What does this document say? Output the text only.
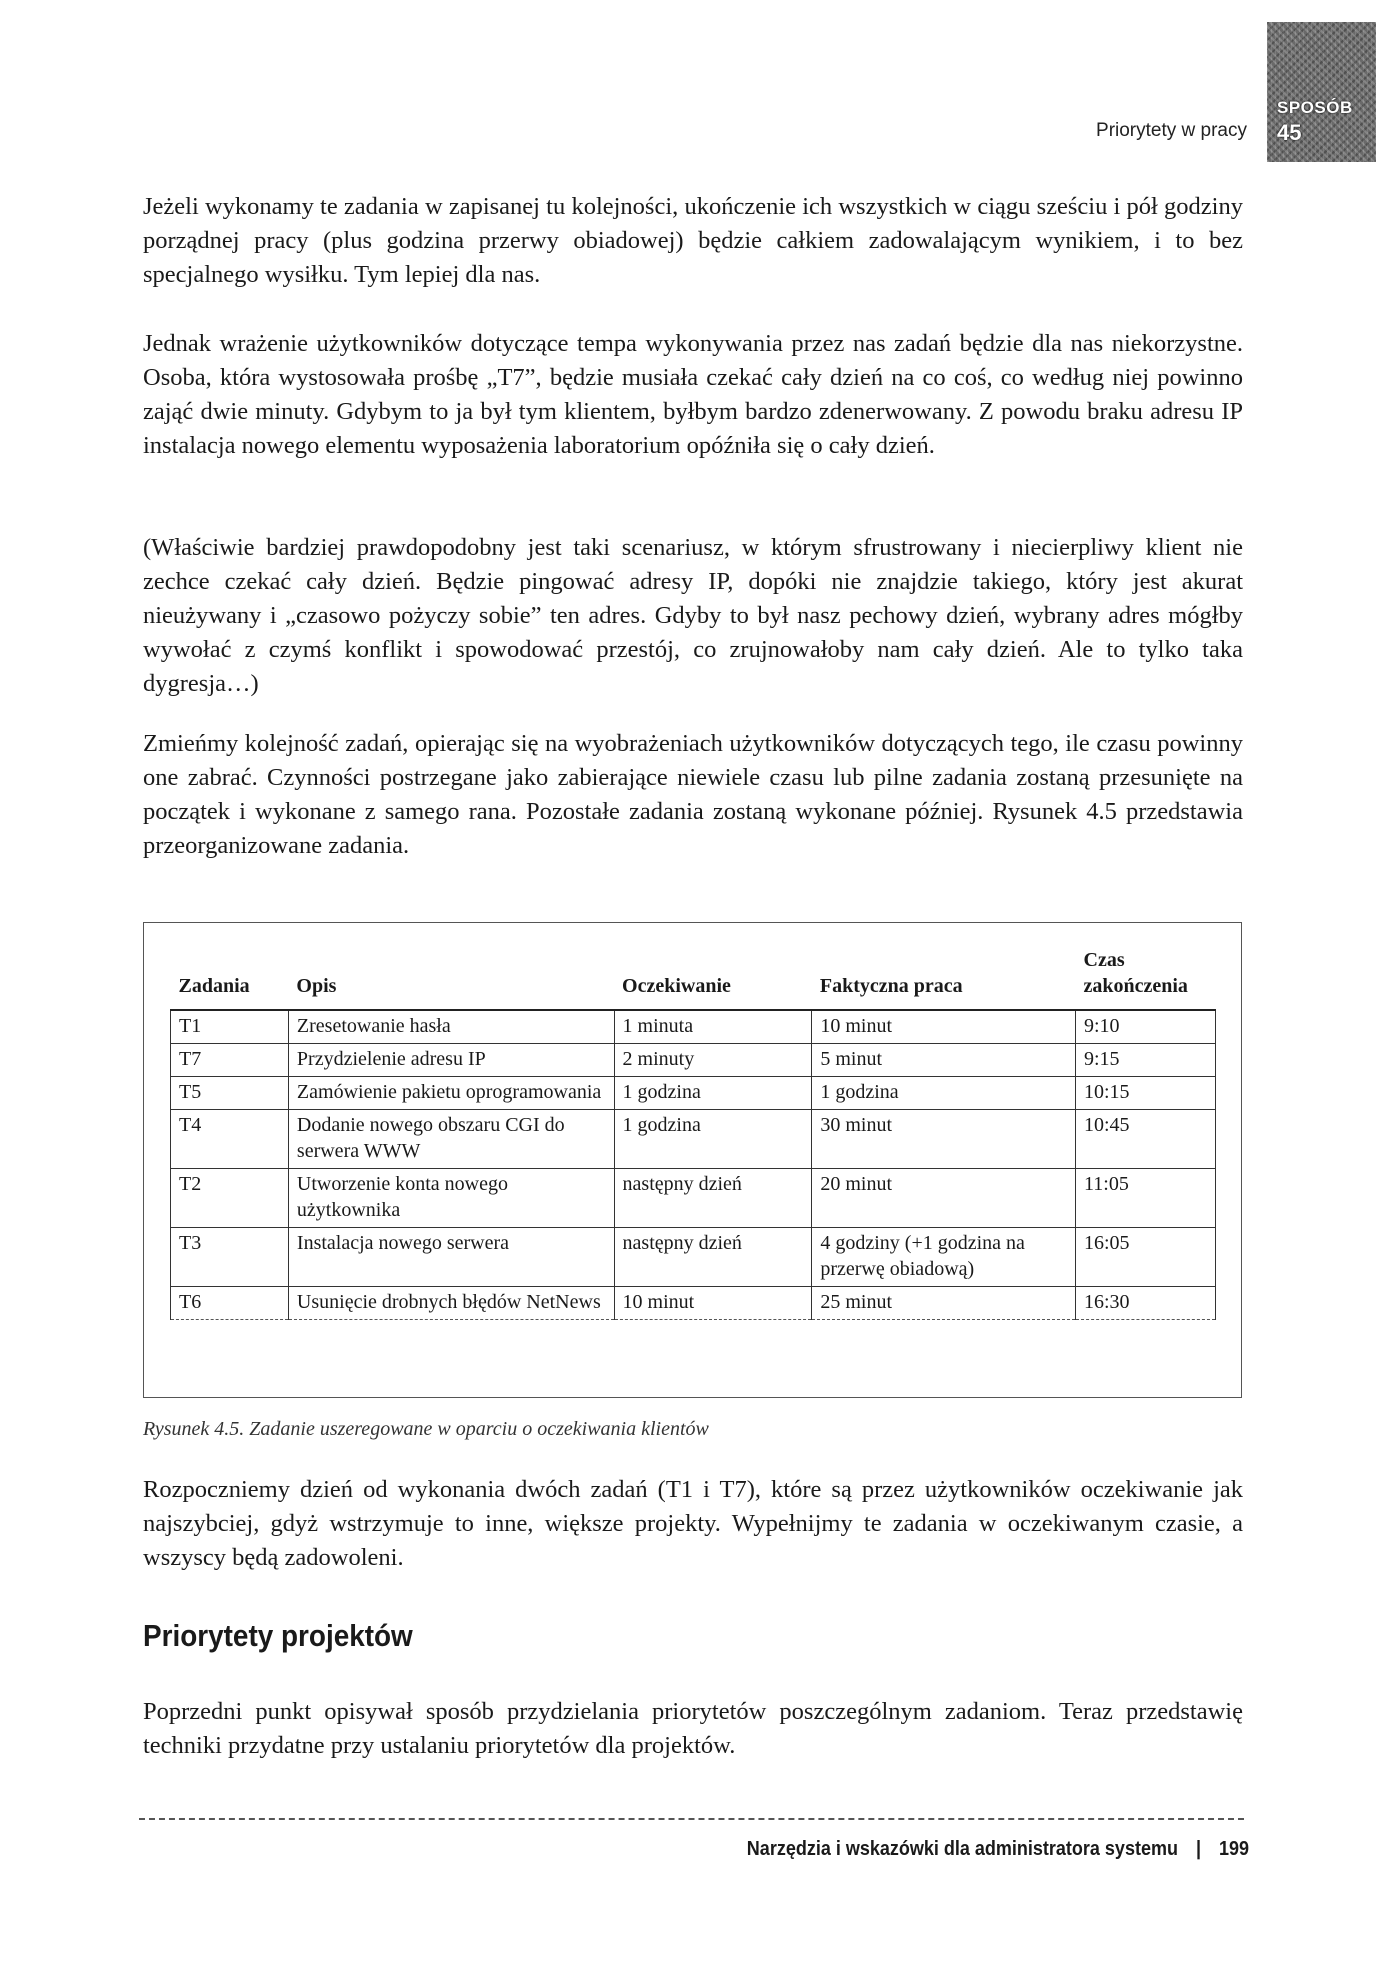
Priorytety w pracy
SPOSÓB
45

Jeżeli wykonamy te zadania w zapisanej tu kolejności, ukończenie ich wszystkich w ciągu sześciu i pół godziny porządnej pracy (plus godzina przerwy obiadowej) będzie całkiem zadowalającym wynikiem, i to bez specjalnego wysiłku. Tym lepiej dla nas.

Jednak wrażenie użytkowników dotyczące tempa wykonywania przez nas zadań będzie dla nas niekorzystne. Osoba, która wystosowała prośbę „T7”, będzie musiała czekać cały dzień na co coś, co według niej powinno zająć dwie minuty. Gdybym to ja był tym klientem, byłbym bardzo zdenerwowany. Z powodu braku adresu IP instalacja nowego elementu wyposażenia laboratorium opóźniła się o cały dzień.

(Właściwie bardziej prawdopodobny jest taki scenariusz, w którym sfrustrowany i niecierpliwy klient nie zechce czekać cały dzień. Będzie pingować adresy IP, dopóki nie znajdzie takiego, który jest akurat nieużywany i „czasowo pożyczy sobie” ten adres. Gdyby to był nasz pechowy dzień, wybrany adres mógłby wywołać z czymś konflikt i spowodować przestój, co zrujnowałoby nam cały dzień. Ale to tylko taka dygresja…)

Zmieńmy kolejność zadań, opierając się na wyobrażeniach użytkowników dotyczących tego, ile czasu powinny one zabrać. Czynności postrzegane jako zabierające niewiele czasu lub pilne zadania zostaną przesunięte na początek i wykonane z samego rana. Pozostałe zadania zostaną wykonane później. Rysunek 4.5 przedstawia przeorganizowane zadania.

Zadania	Opis	Oczekiwanie	Faktyczna praca	Czas zakończenia
T1	Zresetowanie hasła	1 minuta	10 minut	9:10
T7	Przydzielenie adresu IP	2 minuty	5 minut	9:15
T5	Zamówienie pakietu oprogramowania	1 godzina	1 godzina	10:15
T4	Dodanie nowego obszaru CGI do serwera WWW	1 godzina	30 minut	10:45
T2	Utworzenie konta nowego użytkownika	następny dzień	20 minut	11:05
T3	Instalacja nowego serwera	następny dzień	4 godziny (+1 godzina na przerwę obiadową)	16:05
T6	Usunięcie drobnych błędów NetNews	10 minut	25 minut	16:30
Rysunek 4.5. Zadanie uszeregowane w oparciu o oczekiwania klientów

Rozpoczniemy dzień od wykonania dwóch zadań (T1 i T7), które są przez użytkowników oczekiwanie jak najszybciej, gdyż wstrzymuje to inne, większe projekty. Wypełnijmy te zadania w oczekiwanym czasie, a wszyscy będą zadowoleni.

Priorytety projektów

Poprzedni punkt opisywał sposób przydzielania priorytetów poszczególnym zadaniom. Teraz przedstawię techniki przydatne przy ustalaniu priorytetów dla projektów.

Narzędzia i wskazówki dla administratora systemu | 199
